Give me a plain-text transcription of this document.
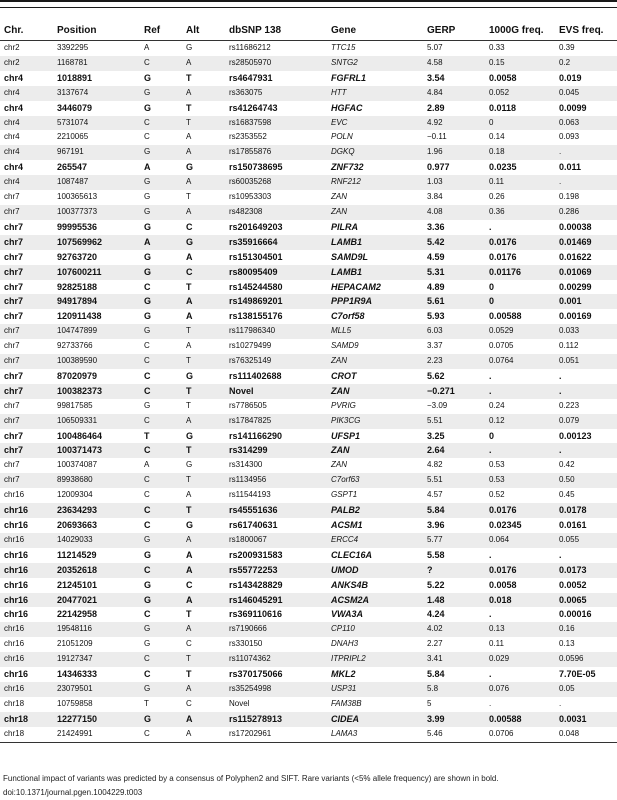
Chr.	Position	Ref	Alt	dbSNP 138	Gene	GERP	1000G freq.	EVS freq.
chr2	3392295	A	G	rs11686212	TTC15	5.07	0.33	0.39
chr2	1168781	C	A	rs28505970	SNTG2	4.58	0.15	0.2
chr4	1018891	G	T	rs4647931	FGFRL1	3.54	0.0058	0.019
chr4	3137674	G	A	rs363075	HTT	4.84	0.052	0.045
chr4	3446079	G	T	rs41264743	HGFAC	2.89	0.0118	0.0099
chr4	5731074	C	T	rs16837598	EVC	4.92	0	0.063
chr4	2210065	C	A	rs2353552	POLN	−0.11	0.14	0.093
chr4	967191	G	A	rs17855876	DGKQ	1.96	0.18	.
chr4	265547	A	G	rs150738695	ZNF732	0.977	0.0235	0.011
chr4	1087487	G	A	rs60035268	RNF212	1.03	0.11	.
chr7	100365613	G	T	rs10953303	ZAN	3.84	0.26	0.198
chr7	100377373	G	A	rs482308	ZAN	4.08	0.36	0.286
chr7	99995536	G	C	rs201649203	PILRA	3.36	.	0.00038
chr7	107569962	A	G	rs35916664	LAMB1	5.42	0.0176	0.01469
chr7	92763720	G	A	rs151304501	SAMD9L	4.59	0.0176	0.01622
chr7	107600211	G	C	rs80095409	LAMB1	5.31	0.01176	0.01069
chr7	92825188	C	T	rs145244580	HEPACAM2	4.89	0	0.00299
chr7	94917894	G	A	rs149869201	PPP1R9A	5.61	0	0.001
chr7	120911438	G	A	rs138155176	C7orf58	5.93	0.00588	0.00169
chr7	104747899	G	T	rs117986340	MLL5	6.03	0.0529	0.033
chr7	92733766	C	A	rs10279499	SAMD9	3.37	0.0705	0.112
chr7	100389590	C	T	rs76325149	ZAN	2.23	0.0764	0.051
chr7	87020979	C	G	rs111402688	CROT	5.62	.	.
chr7	100382373	C	T	Novel	ZAN	−0.271	.	.
chr7	99817585	G	T	rs7786505	PVRIG	−3.09	0.24	0.223
chr7	106509331	C	A	rs17847825	PIK3CG	5.51	0.12	0.079
chr7	100486464	T	G	rs141166290	UFSP1	3.25	0	0.00123
chr7	100371473	C	T	rs314299	ZAN	2.64	.	.
chr7	100374087	A	G	rs314300	ZAN	4.82	0.53	0.42
chr7	89938680	C	T	rs1134956	C7orf63	5.51	0.53	0.50
chr16	12009304	C	A	rs11544193	GSPT1	4.57	0.52	0.45
chr16	23634293	C	T	rs45551636	PALB2	5.84	0.0176	0.0178
chr16	20693663	C	G	rs61740631	ACSM1	3.96	0.02345	0.0161
chr16	14029033	G	A	rs1800067	ERCC4	5.77	0.064	0.055
chr16	11214529	G	A	rs200931583	CLEC16A	5.58	.	.
chr16	20352618	C	A	rs55772253	UMOD	?	0.0176	0.0173
chr16	21245101	G	C	rs143428829	ANKS4B	5.22	0.0058	0.0052
chr16	20477021	G	A	rs146045291	ACSM2A	1.48	0.018	0.0065
chr16	22142958	C	T	rs369110616	VWA3A	4.24	.	0.00016
chr16	19548116	G	A	rs7190666	CP110	4.02	0.13	0.16
chr16	21051209	G	C	rs330150	DNAH3	2.27	0.11	0.13
chr16	19127347	C	T	rs11074362	ITPRIPL2	3.41	0.029	0.0596
chr16	14346333	C	T	rs370175066	MKL2	5.84	.	7.70E-05
chr16	23079501	G	A	rs35254998	USP31	5.8	0.076	0.05
chr18	10759858	T	C	Novel	FAM38B	5	.	.
chr18	12277150	G	A	rs115278913	CIDEA	3.99	0.00588	0.0031
chr18	21424991	C	A	rs17202961	LAMA3	5.46	0.0706	0.048
Functional impact of variants was predicted by a consensus of Polyphen2 and SIFT. Rare variants (<5% allele frequency) are shown in bold.
doi:10.1371/journal.pgen.1004229.t003
